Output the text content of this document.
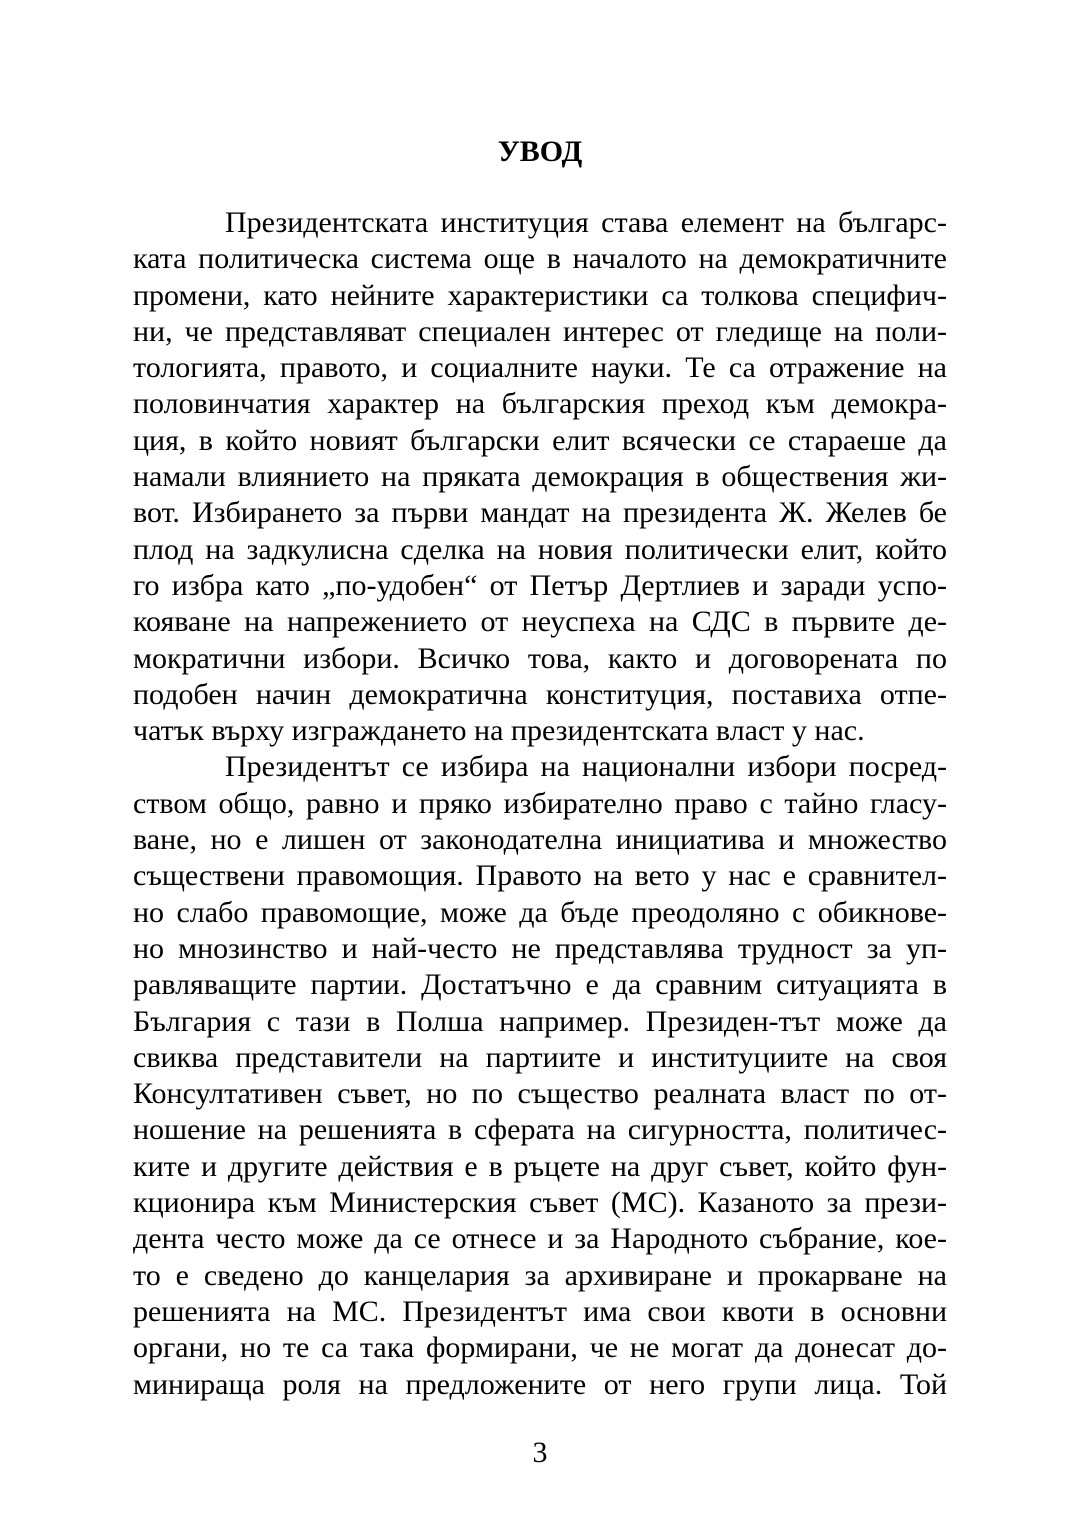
УВОД
Президентската институция става елемент на българс-
ката политическа система още в началото на демократичните
промени, като нейните характеристики са толкова специфич-
ни, че представляват специален интерес от гледище на поли-
тологията, правото, и социалните науки. Те са отражение на
половинчатия характер на българския преход към демокра-
ция, в който новият български елит всячески се стараеше да
намали влиянието на пряката демокрация в обществения жи-
вот. Избирането за първи мандат на президента Ж. Желев бе
плод на задкулисна сделка на новия политически елит, който
го избра като „по-удобен“ от Петър Дертлиев и заради успо-
кояване на напрежението от неуспеха на СДС в първите де-
мократични избори. Всичко това, както и договорената по
подобен начин демократична конституция, поставиха отпе-
чатък върху изграждането на президентската власт у нас.
Президентът се избира на национални избори посред-
ством общо, равно и пряко избирателно право с тайно гласу-
ване, но е лишен от законодателна инициатива и множество
съществени правомощия. Правото на вето у нас е сравнител-
но слабо правомощие, може да бъде преодоляно с обикнове-
но мнозинство и най-често не представлява трудност за уп-
равляващите партии. Достатъчно е да сравним ситуацията в
България с тази в Полша например. Президен-тът може да
свиква представители на партиите и институциите на своя
Консултативен съвет, но по същество реалната власт по от-
ношение на решенията в сферата на сигурността, политичес-
ките и другите действия е в ръцете на друг съвет, който фун-
кционира към Министерския съвет (МС). Казаното за прези-
дента често може да се отнесе и за Народното събрание, кое-
то е сведено до канцелария за архивиране и прокарване на
решенията на МС. Президентът има свои квоти в основни
органи, но те са така формирани, че не могат да донесат до-
минираща роля на предложените от него групи лица. Той
3
